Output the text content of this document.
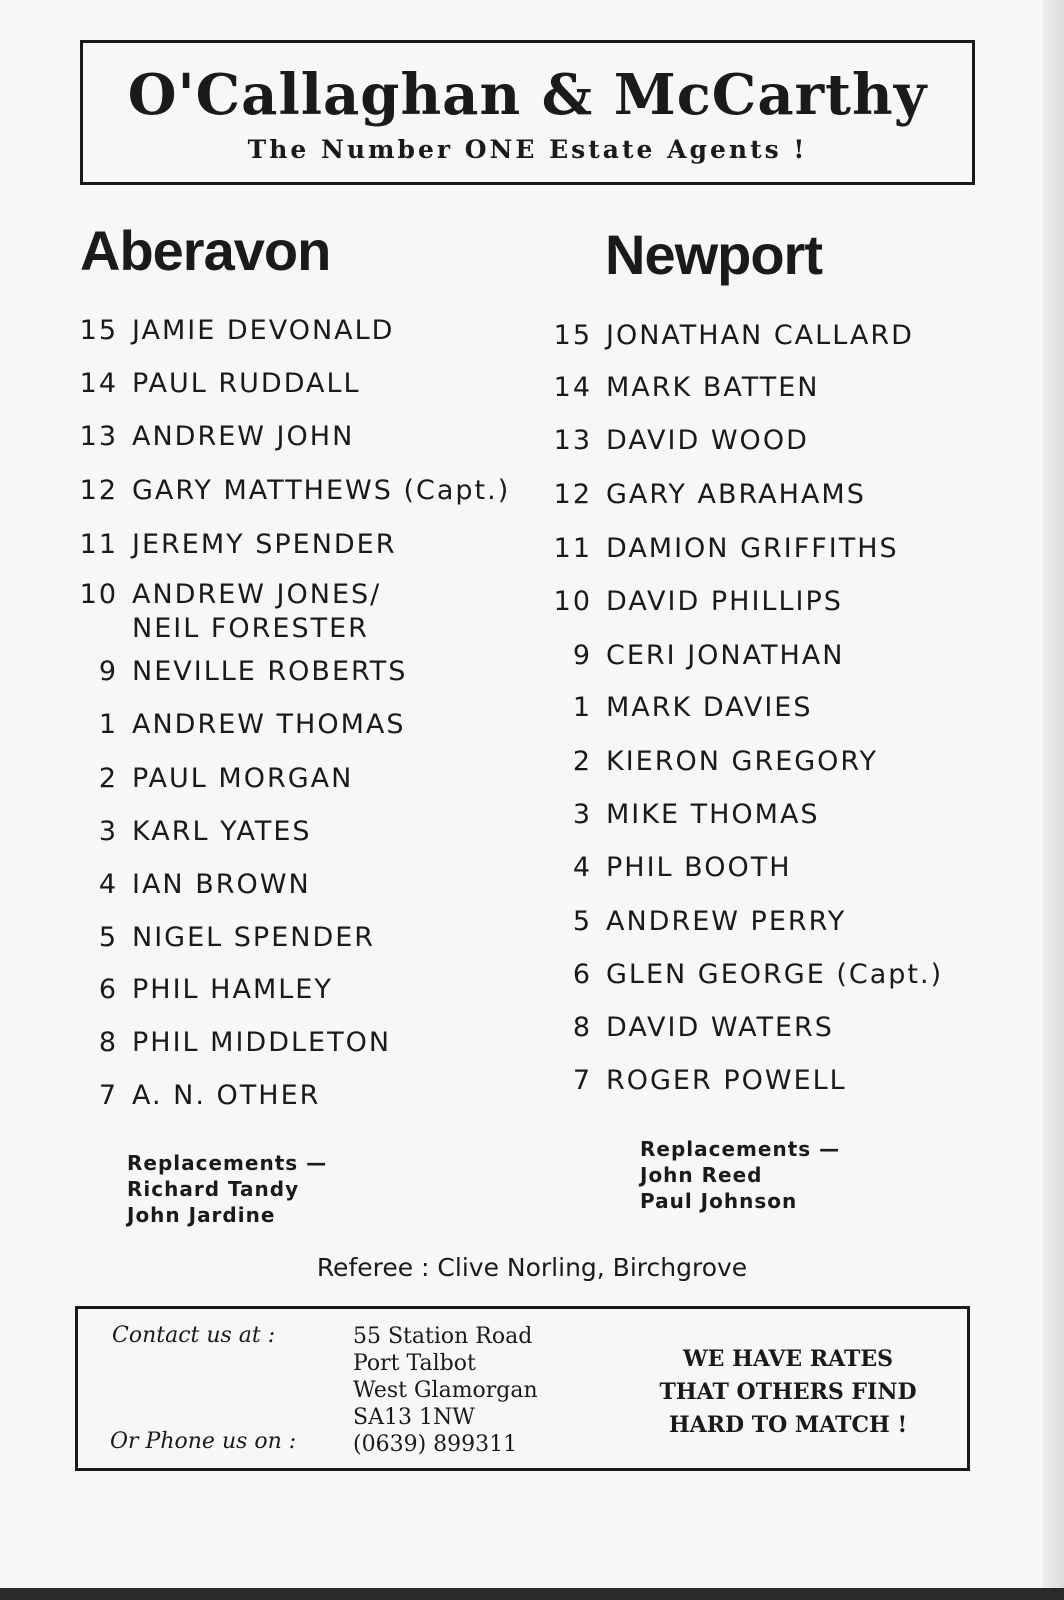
O'Callaghan & McCarthy
The Number ONE Estate Agents !
Aberavon	Newport
15 JAMIE DEVONALD
14 PAUL RUDDALL
13 ANDREW JOHN
12 GARY MATTHEWS (Capt.)
11 JEREMY SPENDER
10 ANDREW JONES/
9 NEVILLE ROBERTS
1 ANDREW THOMAS
2 PAUL MORGAN
3 KARL YATES
4 IAN BROWN
5 NIGEL SPENDER
6 PHIL HAMLEY
8 PHIL MIDDLETON
7 A. N. OTHER
NEIL FORESTER
15 JONATHAN CALLARD
14 MARK BATTEN
13 DAVID WOOD
12 GARY ABRAHAMS
11 DAMION GRIFFITHS
10 DAVID PHILLIPS
9 CERI JONATHAN
1 MARK DAVIES
2 KIERON GREGORY
3 MIKE THOMAS
4 PHIL BOOTH
5 ANDREW PERRY
6 GLEN GEORGE (Capt.)
8 DAVID WATERS
7 ROGER POWELL
Replacements —
Richard Tandy
John Jardine
Replacements —
John Reed
Paul Johnson
Referee : Clive Norling, Birchgrove
Contact us at :
Or Phone us on :
55 Station Road
Port Talbot
West Glamorgan
SA13 1NW
(0639) 899311
WE HAVE RATES
THAT OTHERS FIND
HARD TO MATCH !
